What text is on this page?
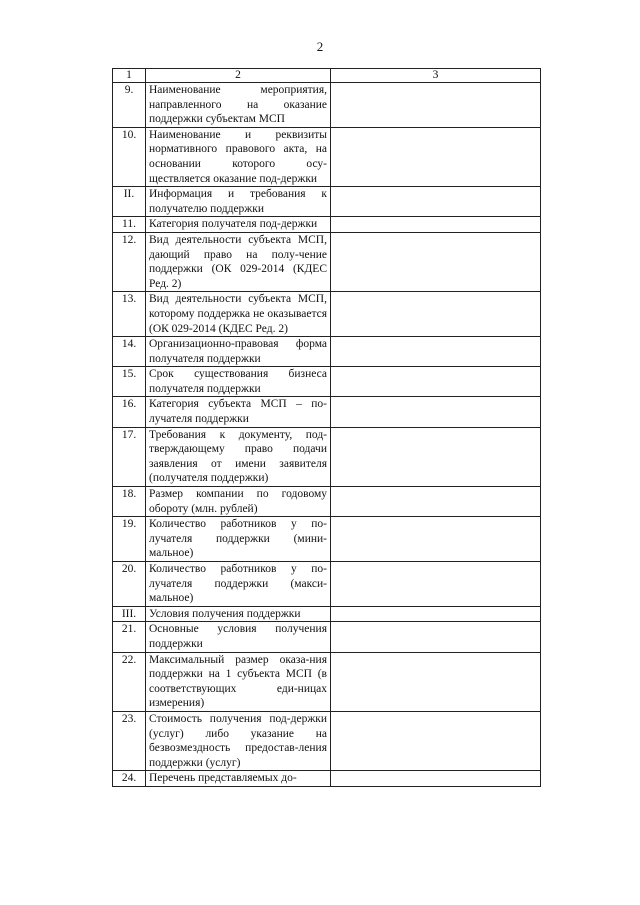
2
1	2	3
9.	Наименование мероприятия, направленного на оказание поддержки субъектам МСП	
10.	Наименование и реквизиты нормативного правового акта, на основании которого осу-ществляется оказание под-держки	
II.	Информация и требования к получателю поддержки	
11.	Категория получателя под-держки	
12.	Вид деятельности субъекта МСП, дающий право на полу-чение поддержки (ОК 029-2014 (КДЕС Ред. 2)	
13.	Вид деятельности субъекта МСП, которому поддержка не оказывается (ОК 029-2014 (КДЕС Ред. 2)	
14.	Организационно-правовая форма получателя поддержки	
15.	Срок существования бизнеса получателя поддержки	
16.	Категория субъекта МСП – по-лучателя поддержки	
17.	Требования к документу, под-тверждающему право подачи заявления от имени заявителя (получателя поддержки)	
18.	Размер компании по годовому обороту (млн. рублей)	
19.	Количество работников у по-лучателя поддержки (мини-мальное)	
20.	Количество работников у по-лучателя поддержки (макси-мальное)	
III.	Условия получения поддержки	
21.	Основные условия получения поддержки	
22.	Максимальный размер оказа-ния поддержки на 1 субъекта МСП (в соответствующих еди-ницах измерения)	
23.	Стоимость получения под-держки (услуг) либо указание на безвозмездность предостав-ления поддержки (услуг)	
24.	Перечень представляемых до-	
